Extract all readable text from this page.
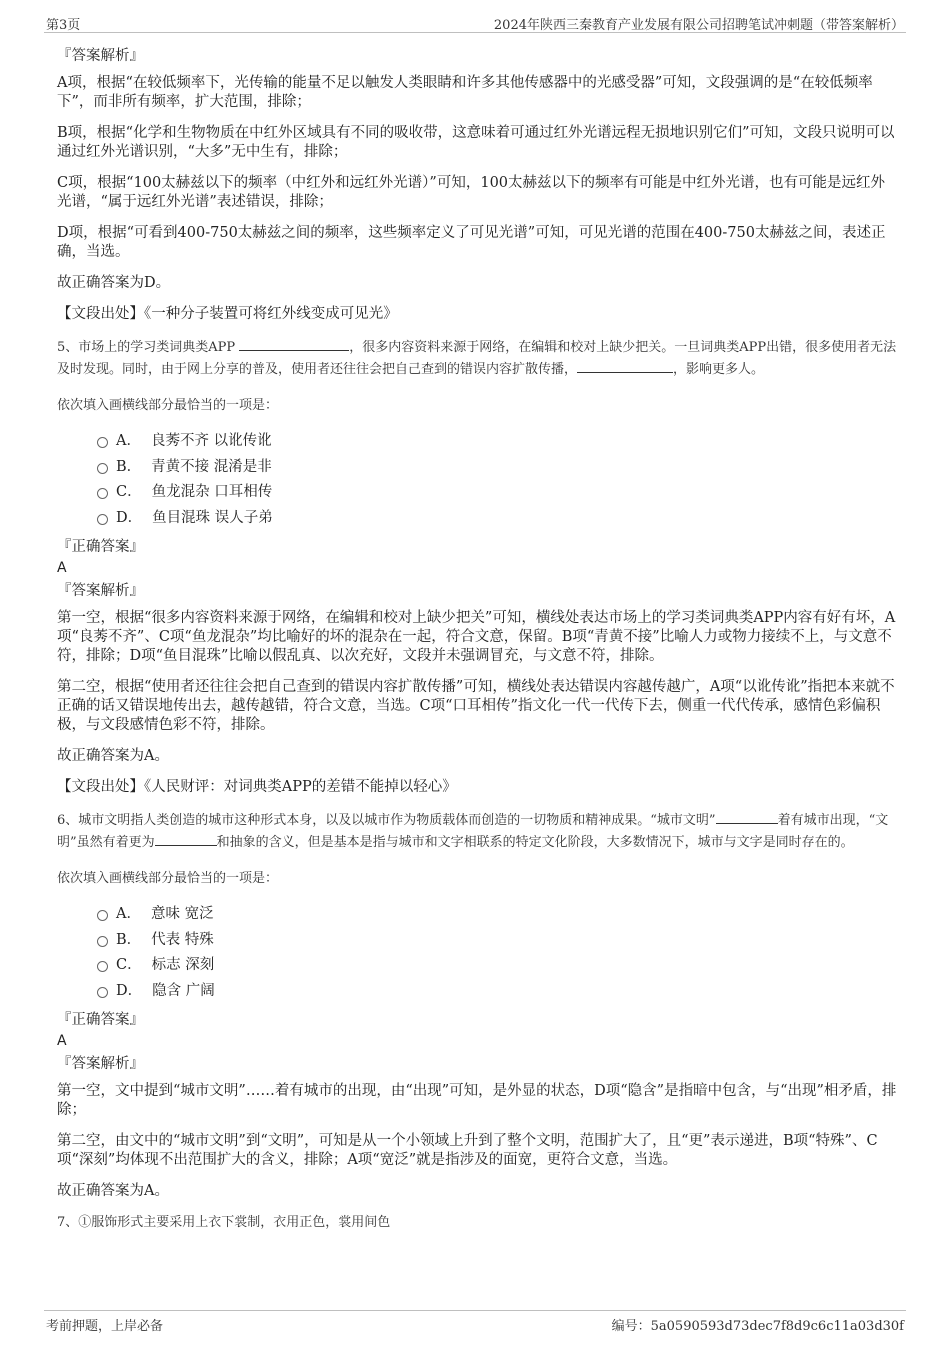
第3页	2024年陕西三秦教育产业发展有限公司招聘笔试冲刺题（带答案解析）
『答案解析』
A项，根据“在较低频率下，光传输的能量不足以触发人类眼睛和许多其他传感器中的光感受器”可知，文段强调的是“在较低频率下”，而非所有频率，扩大范围，排除；
B项，根据“化学和生物物质在中红外区域具有不同的吸收带，这意味着可通过红外光谱远程无损地识别它们”可知，文段只说明可以通过红外光谱识别，“大多”无中生有，排除；
C项，根据“100太赫兹以下的频率（中红外和远红外光谱）”可知，100太赫兹以下的频率有可能是中红外光谱，也有可能是远红外光谱，“属于远红外光谱”表述错误，排除；
D项，根据“可看到400-750太赫兹之间的频率，这些频率定义了可见光谱”可知，可见光谱的范围在400-750太赫兹之间，表述正确，当选。
故正确答案为D。
【文段出处】《一种分子装置可将红外线变成可见光》
5、市场上的学习类词典类APP	，很多内容资料来源于网络，在编辑和校对上缺少把关。一旦词典类APP出错，很多使用者无法及时发现。同时，由于网上分享的普及，使用者还往往会把自己查到的错误内容扩散传播，	，影响更多人。
依次填入画横线部分最恰当的一项是：
A． 良莠不齐 以讹传讹
B． 青黄不接 混淆是非
C． 鱼龙混杂 口耳相传
D． 鱼目混珠 误人子弟
『正确答案』
A
『答案解析』
第一空，根据“很多内容资料来源于网络，在编辑和校对上缺少把关”可知，横线处表达市场上的学习类词典类APP内容有好有坏，A项“良莠不齐”、C项“鱼龙混杂”均比喻好的坏的混杂在一起，符合文意，保留。B项“青黄不接”比喻人力或物力接续不上，与文意不符，排除；D项“鱼目混珠”比喻以假乱真、以次充好，文段并未强调冒充，与文意不符，排除。
第二空，根据“使用者还往往会把自己查到的错误内容扩散传播”可知，横线处表达错误内容越传越广，A项“以讹传讹”指把本来就不正确的话又错误地传出去，越传越错，符合文意，当选。C项“口耳相传”指文化一代一代传下去，侧重一代代传承，感情色彩偏积极，与文段感情色彩不符，排除。
故正确答案为A。
【文段出处】《人民财评：对词典类APP的差错不能掉以轻心》
6、城市文明指人类创造的城市这种形式本身，以及以城市作为物质载体而创造的一切物质和精神成果。“城市文明”	着有城市出现，“文明”虽然有着更为	和抽象的含义，但是基本是指与城市和文字相联系的特定文化阶段，大多数情况下，城市与文字是同时存在的。
依次填入画横线部分最恰当的一项是：
A． 意味 宽泛
B． 代表 特殊
C． 标志 深刻
D． 隐含 广阔
『正确答案』
A
『答案解析』
第一空，文中提到“城市文明”……着有城市的出现，由“出现”可知，是外显的状态，D项“隐含”是指暗中包含，与“出现”相矛盾，排除；
第二空，由文中的“城市文明”到“文明”，可知是从一个小领域上升到了整个文明，范围扩大了，且“更”表示递进，B项“特殊”、C项“深刻”均体现不出范围扩大的含义，排除；A项“宽泛”就是指涉及的面宽，更符合文意，当选。
故正确答案为A。
7、①服饰形式主要采用上衣下裳制，衣用正色，裳用间色
考前押题，上岸必备	编号：5a0590593d73dec7f8d9c6c11a03d30f
